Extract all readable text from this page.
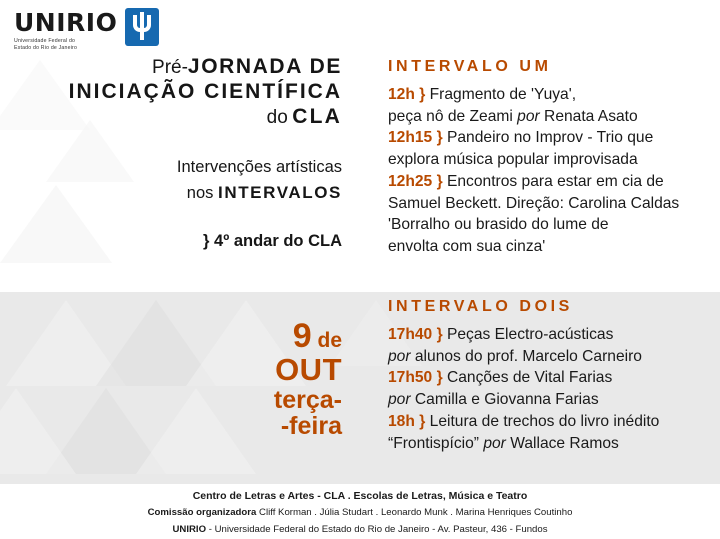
UNIRIO
Universidade Federal do
Estado do Rio de Janeiro
Pré-JORNADA DE
INICIAÇÃO CIENTÍFICA
do CLA
Intervenções artísticas
nos INTERVALOS
} 4º andar do CLA
9 de
OUT
terça-
-feira
INTERVALO UM
12h } Fragmento de 'Yuya',
peça nô de Zeami por Renata Asato
12h15 } Pandeiro no Improv - Trio que
explora música popular improvisada
12h25 } Encontros para estar em cia de
Samuel Beckett. Direção: Carolina Caldas
'Borralho ou brasido do lume de
envolta com sua cinza'
INTERVALO DOIS
17h40 } Peças Electro-acústicas
por alunos do prof. Marcelo Carneiro
17h50 } Canções de Vital Farias
por Camilla e Giovanna Farias
18h } Leitura de trechos do livro inédito
“Frontispício” por Wallace Ramos
Centro de Letras e Artes - CLA . Escolas de Letras, Música e Teatro
Comissão organizadora Cliff Korman . Júlia Studart . Leonardo Munk . Marina Henriques Coutinho
UNIRIO - Universidade Federal do Estado do Rio de Janeiro - Av. Pasteur, 436 - Fundos
